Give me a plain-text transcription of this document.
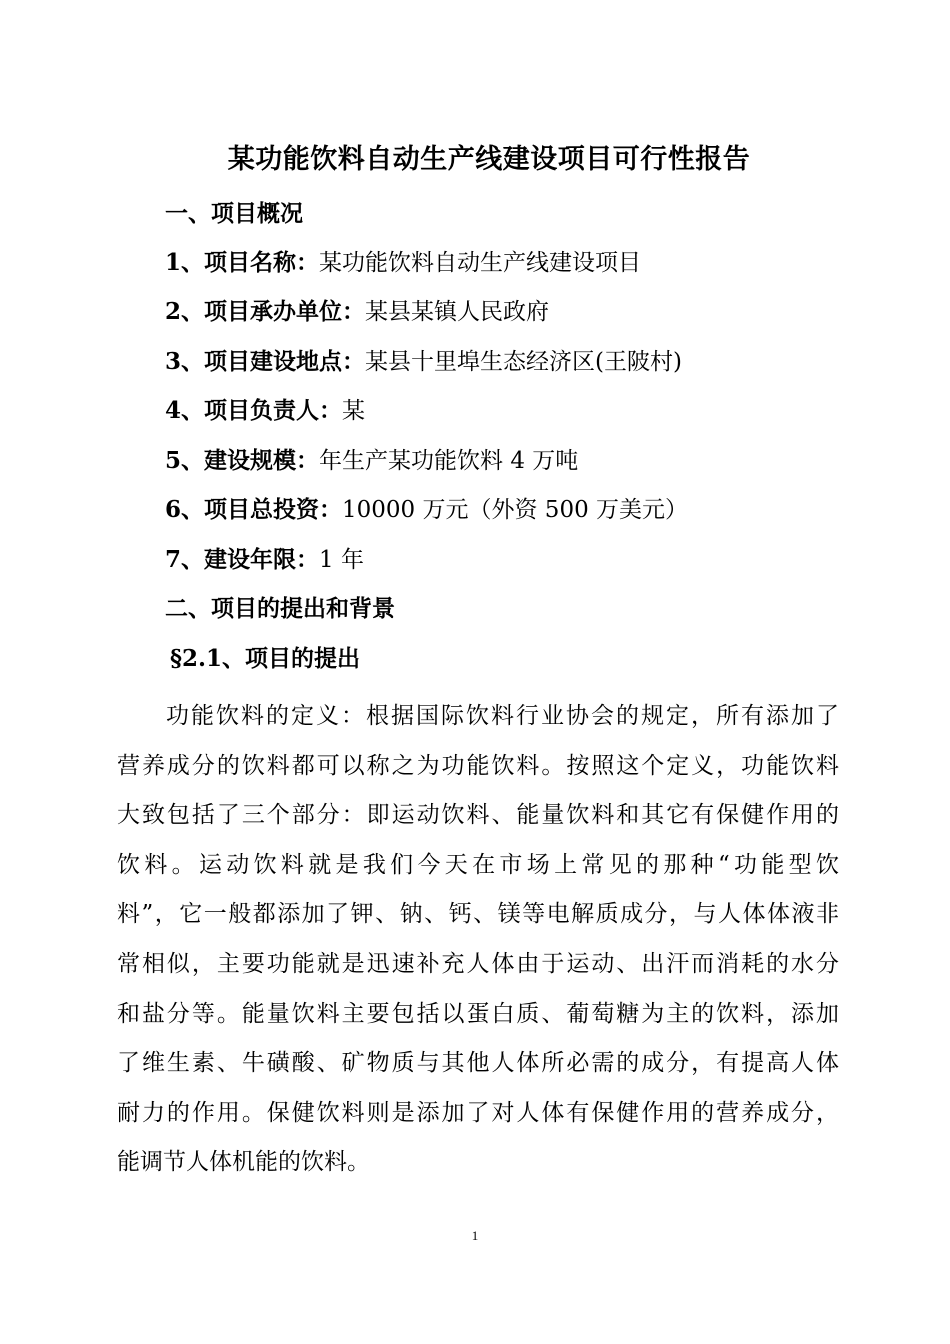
某功能饮料自动生产线建设项目可行性报告
一、项目概况
1、项目名称：某功能饮料自动生产线建设项目
2、项目承办单位：某县某镇人民政府
3、项目建设地点：某县十里埠生态经济区(王陂村)
4、项目负责人：某
5、建设规模：年生产某功能饮料 4 万吨
6、项目总投资：10000 万元（外资 500 万美元）
7、建设年限：1 年
二、项目的提出和背景
§2.1、项目的提出
功能饮料的定义：根据国际饮料行业协会的规定，所有添加了
营养成分的饮料都可以称之为功能饮料。按照这个定义，功能饮料
大致包括了三个部分：即运动饮料、能量饮料和其它有保健作用的
饮料。运动饮料就是我们今天在市场上常见的那种“功能型饮
料”，它一般都添加了钾、钠、钙、镁等电解质成分，与人体体液非
常相似，主要功能就是迅速补充人体由于运动、出汗而消耗的水分
和盐分等。能量饮料主要包括以蛋白质、葡萄糖为主的饮料，添加
了维生素、牛磺酸、矿物质与其他人体所必需的成分，有提高人体
耐力的作用。保健饮料则是添加了对人体有保健作用的营养成分，
能调节人体机能的饮料。
1
